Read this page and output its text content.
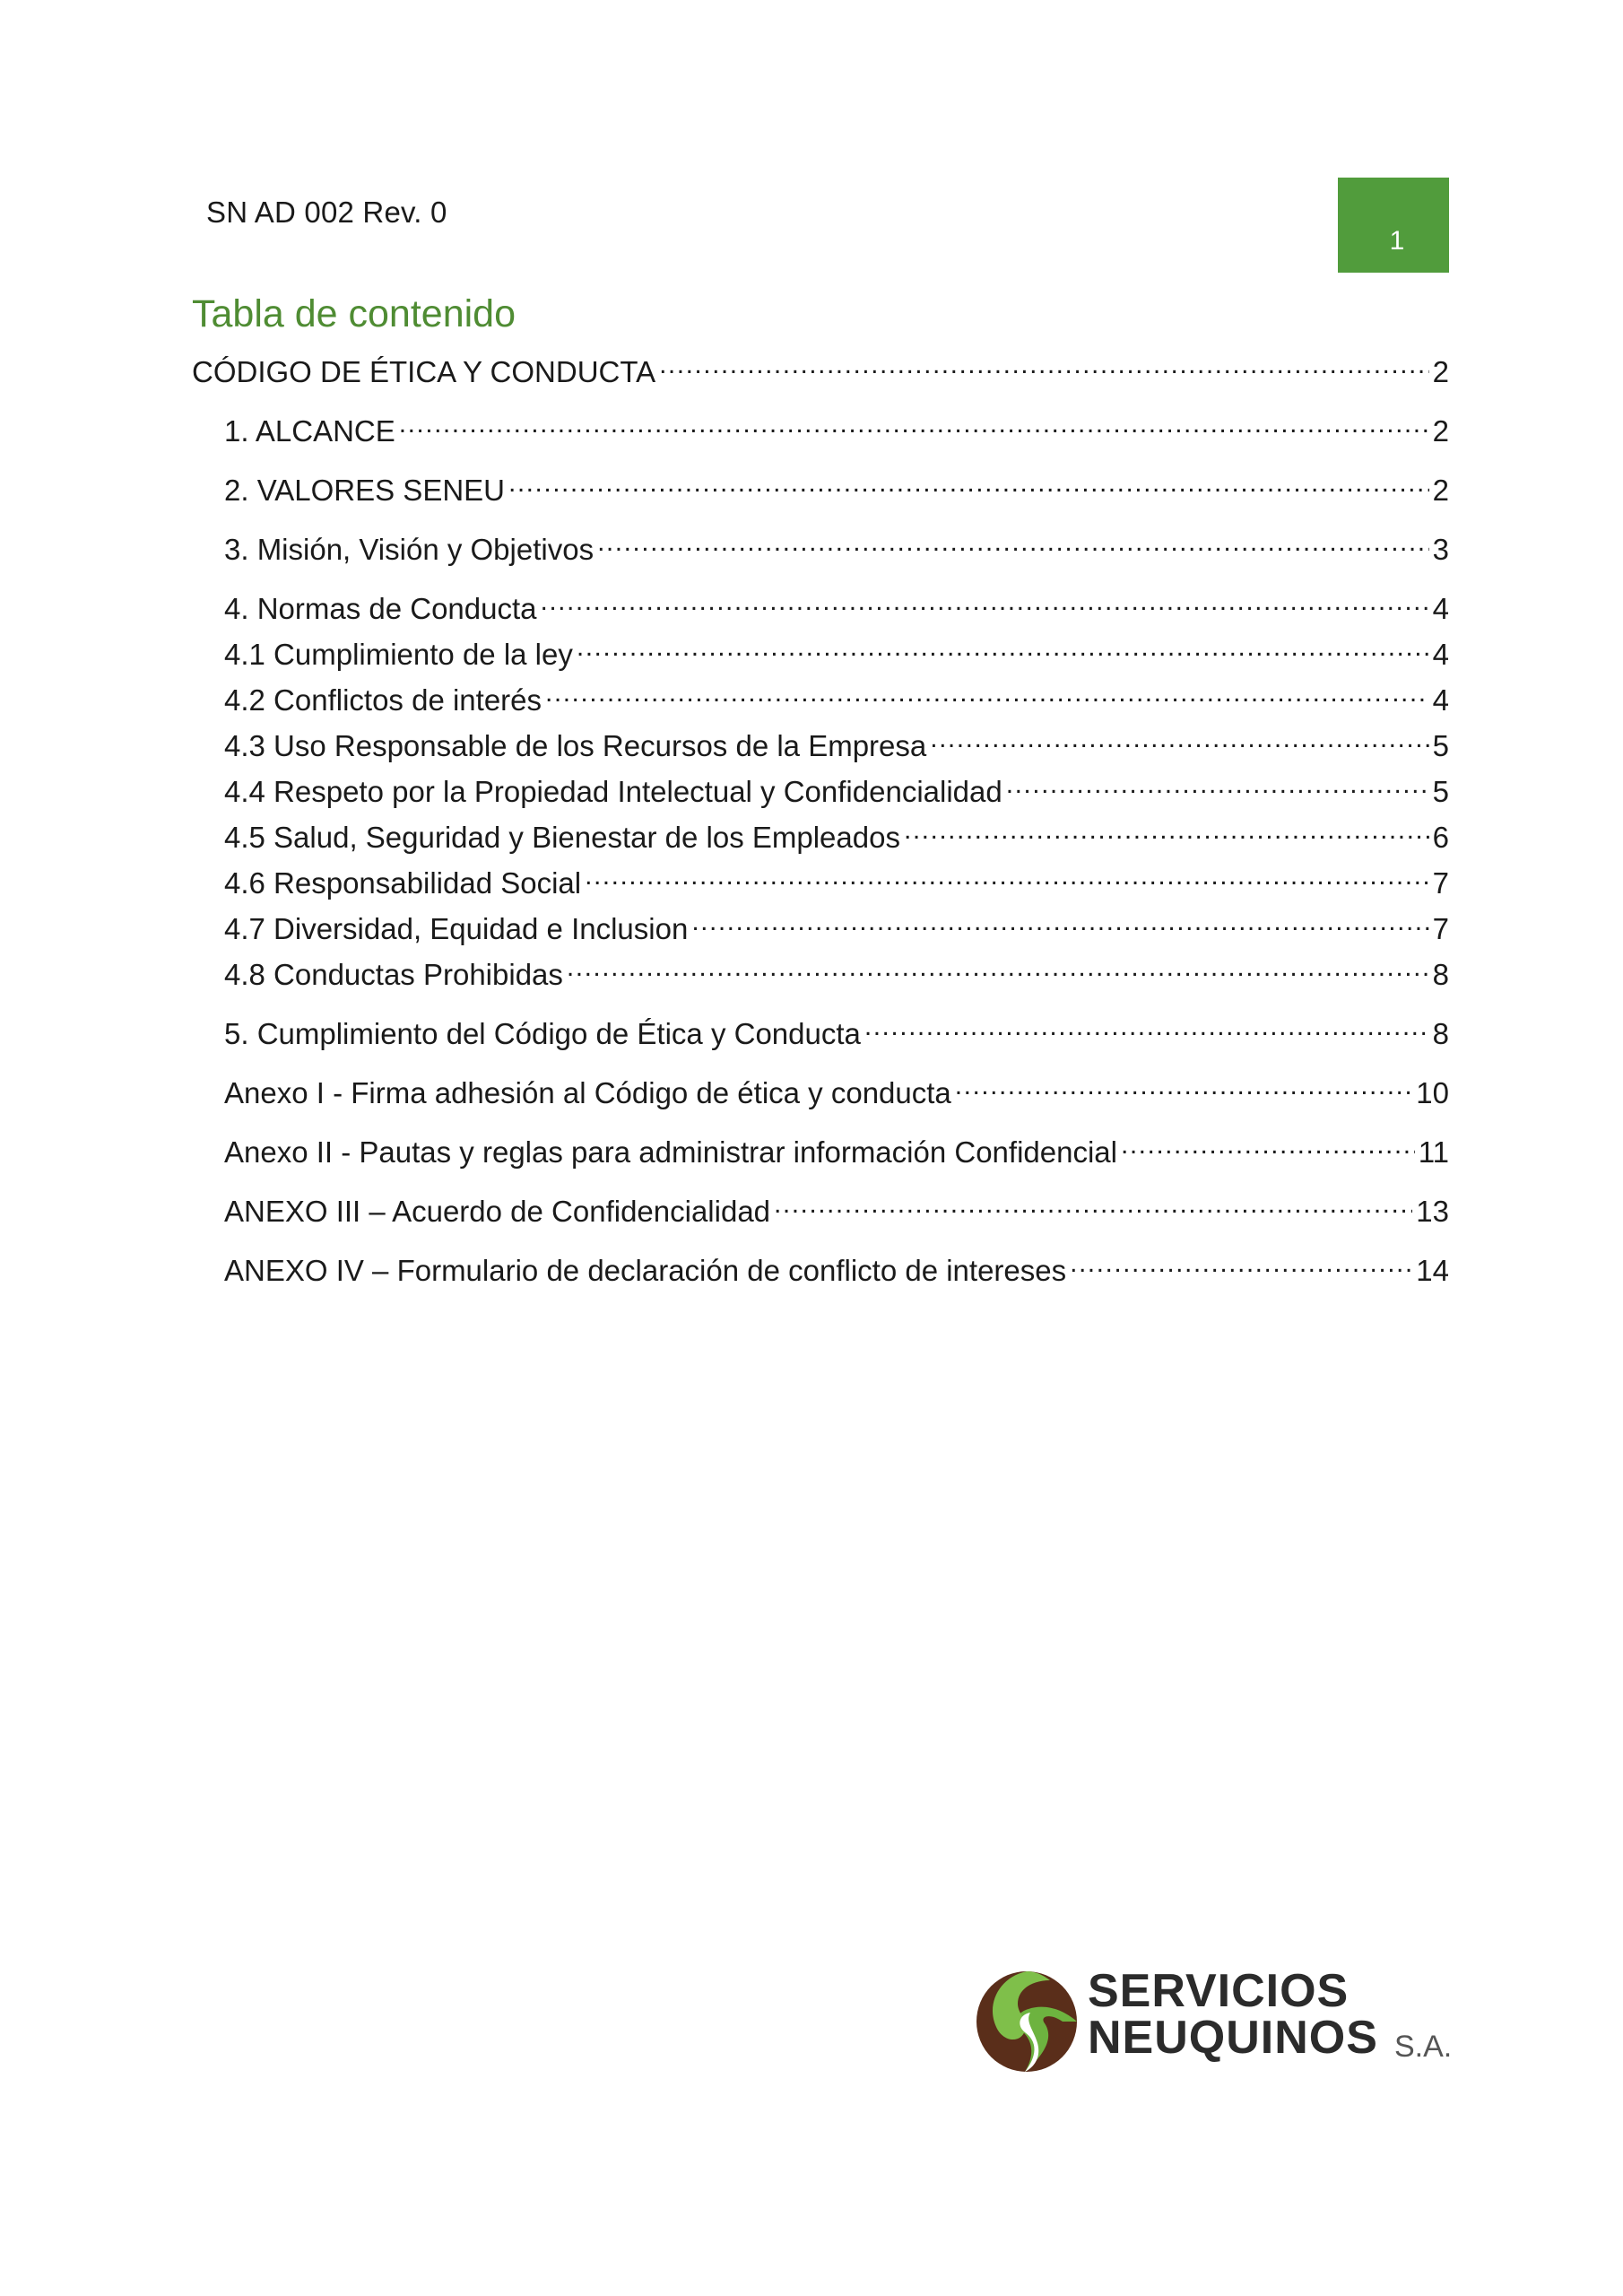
SN AD 002 Rev. 0
1
Tabla de contenido
CÓDIGO DE ÉTICA Y CONDUCTA .....	2
1. ALCANCE .....	2
2. VALORES SENEU .....	2
3. Misión, Visión y Objetivos .....	3
4. Normas de Conducta .....	4
4.1 Cumplimiento de la ley .....	4
4.2 Conflictos de interés .....	4
4.3 Uso Responsable de los Recursos de la Empresa .....	5
4.4 Respeto por la Propiedad Intelectual y Confidencialidad .....	5
4.5 Salud, Seguridad y Bienestar de los Empleados .....	6
4.6 Responsabilidad Social .....	7
4.7 Diversidad, Equidad e Inclusion .....	7
4.8 Conductas Prohibidas .....	8
5. Cumplimiento del Código de Ética y Conducta .....	8
Anexo I - Firma adhesión al Código de ética y conducta .....	10
Anexo II - Pautas y reglas para administrar información Confidencial .....	11
ANEXO III – Acuerdo de Confidencialidad .....	13
ANEXO IV – Formulario de declaración de conflicto de intereses .....	14
SERVICIOS
NEUQUINOS S.A.
